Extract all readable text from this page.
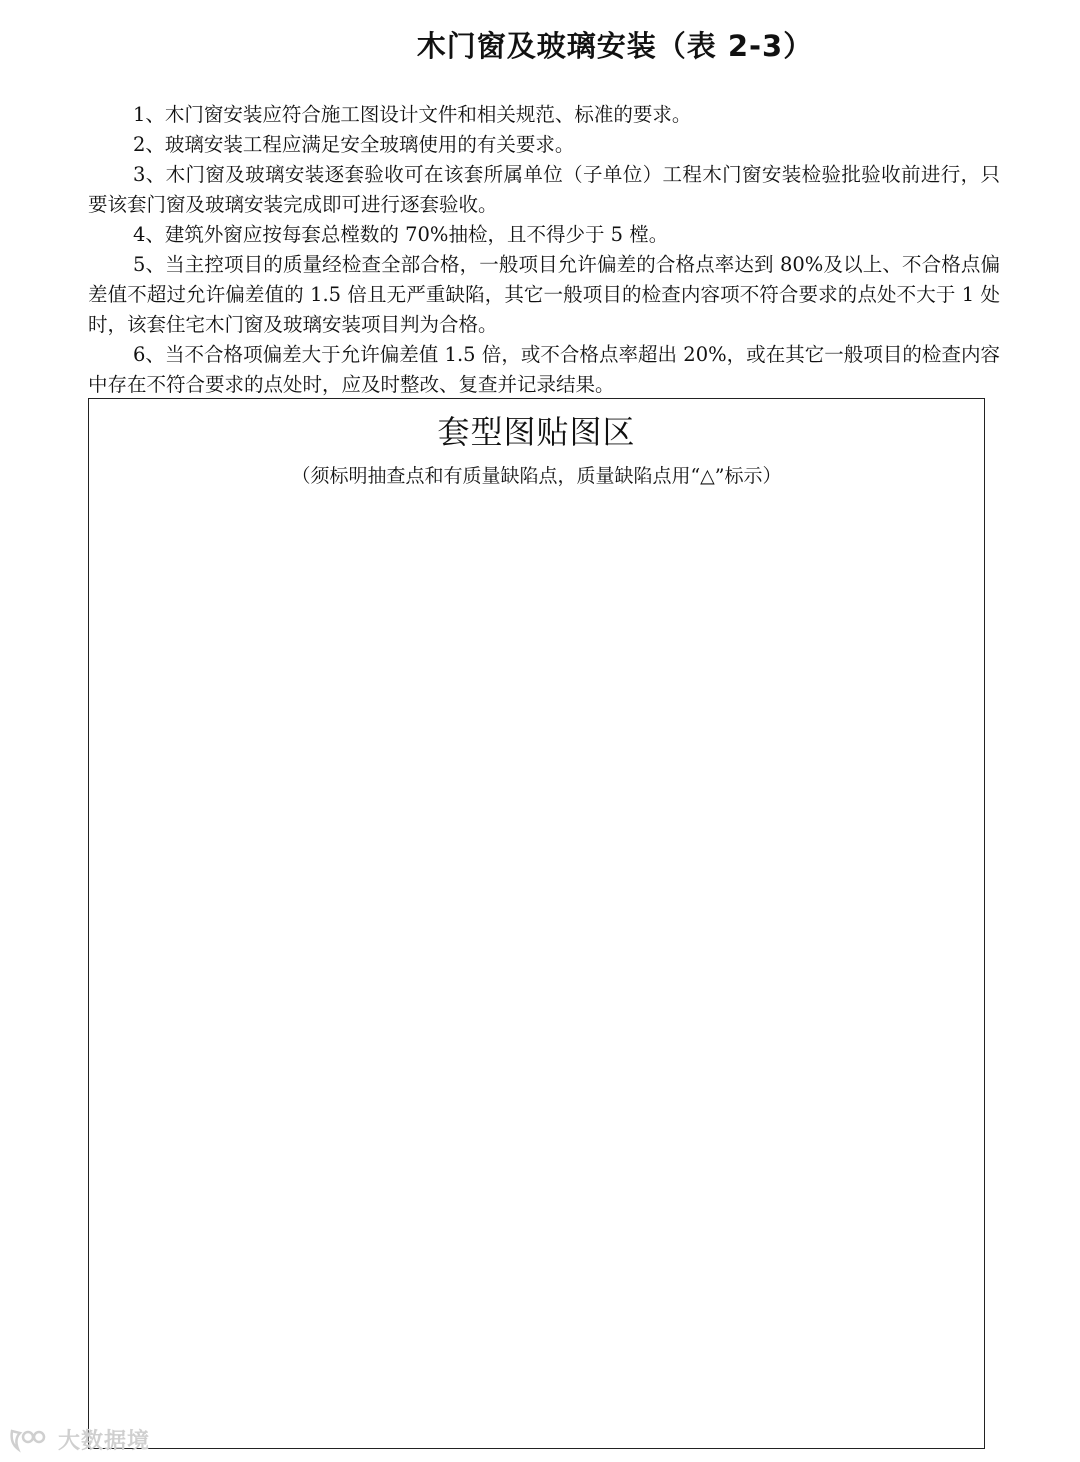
木门窗及玻璃安装（表 2-3）

1、木门窗安装应符合施工图设计文件和相关规范、标准的要求。

2、玻璃安装工程应满足安全玻璃使用的有关要求。

3、木门窗及玻璃安装逐套验收可在该套所属单位（子单位）工程木门窗安装检验批验收前进行，只要该套门窗及玻璃安装完成即可进行逐套验收。

4、建筑外窗应按每套总樘数的 70%抽检，且不得少于 5 樘。

5、当主控项目的质量经检查全部合格，一般项目允许偏差的合格点率达到 80%及以上、不合格点偏差值不超过允许偏差值的 1.5 倍且无严重缺陷，其它一般项目的检查内容项不符合要求的点处不大于 1 处时，该套住宅木门窗及玻璃安装项目判为合格。

6、当不合格项偏差大于允许偏差值 1.5 倍，或不合格点率超出 20%，或在其它一般项目的检查内容中存在不符合要求的点处时，应及时整改、复查并记录结果。

套型图贴图区
（须标明抽查点和有质量缺陷点，质量缺陷点用“△”标示）
大数据境
